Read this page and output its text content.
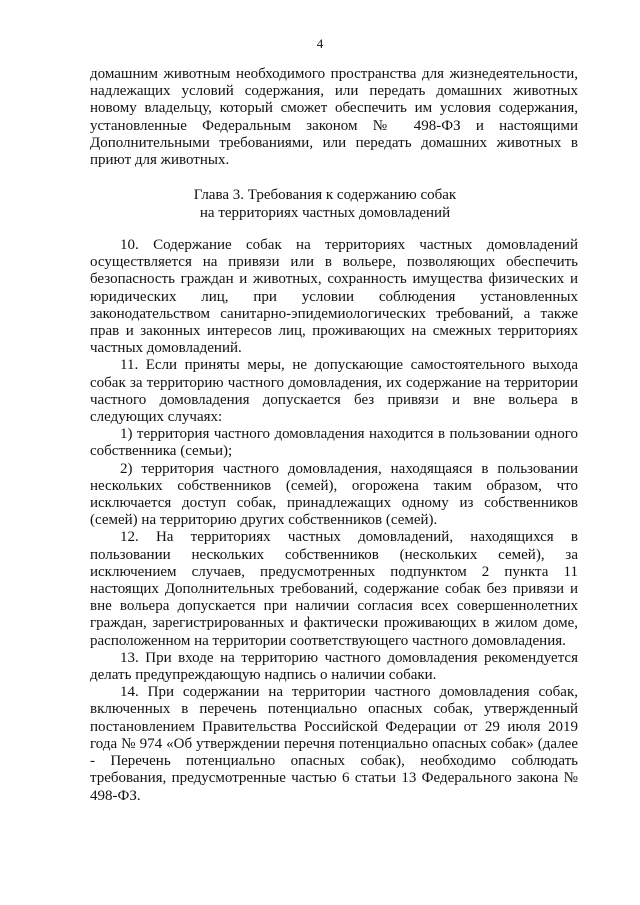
4

домашним животным необходимого пространства для жизнедеятельности, надлежащих условий содержания, или передать домашних животных новому владельцу, который сможет обеспечить им условия содержания, установленные Федеральным законом № 498-ФЗ и настоящими Дополнительными требованиями, или передать домашних животных в приют для животных.

Глава 3. Требования к содержанию собак
на территориях частных домовладений

10. Содержание собак на территориях частных домовладений осуществляется на привязи или в вольере, позволяющих обеспечить безопасность граждан и животных, сохранность имущества физических и юридических лиц, при условии соблюдения установленных законодательством санитарно-эпидемиологических требований, а также прав и законных интересов лиц, проживающих на смежных территориях частных домовладений.

11. Если приняты меры, не допускающие самостоятельного выхода собак за территорию частного домовладения, их содержание на территории частного домовладения допускается без привязи и вне вольера в следующих случаях:

1) территория частного домовладения находится в пользовании одного собственника (семьи);

2) территория частного домовладения, находящаяся в пользовании нескольких собственников (семей), огорожена таким образом, что исключается доступ собак, принадлежащих одному из собственников (семей) на территорию других собственников (семей).

12. На территориях частных домовладений, находящихся в пользовании нескольких собственников (нескольких семей), за исключением случаев, предусмотренных подпунктом 2 пункта 11 настоящих Дополнительных требований, содержание собак без привязи и вне вольера допускается при наличии согласия всех совершеннолетних граждан, зарегистрированных и фактически проживающих в жилом доме, расположенном на территории соответствующего частного домовладения.

13. При входе на территорию частного домовладения рекомендуется делать предупреждающую надпись о наличии собаки.

14. При содержании на территории частного домовладения собак, включенных в перечень потенциально опасных собак, утвержденный постановлением Правительства Российской Федерации от 29 июля 2019 года № 974 «Об утверждении перечня потенциально опасных собак» (далее - Перечень потенциально опасных собак), необходимо соблюдать требования, предусмотренные частью 6 статьи 13 Федерального закона № 498-ФЗ.
